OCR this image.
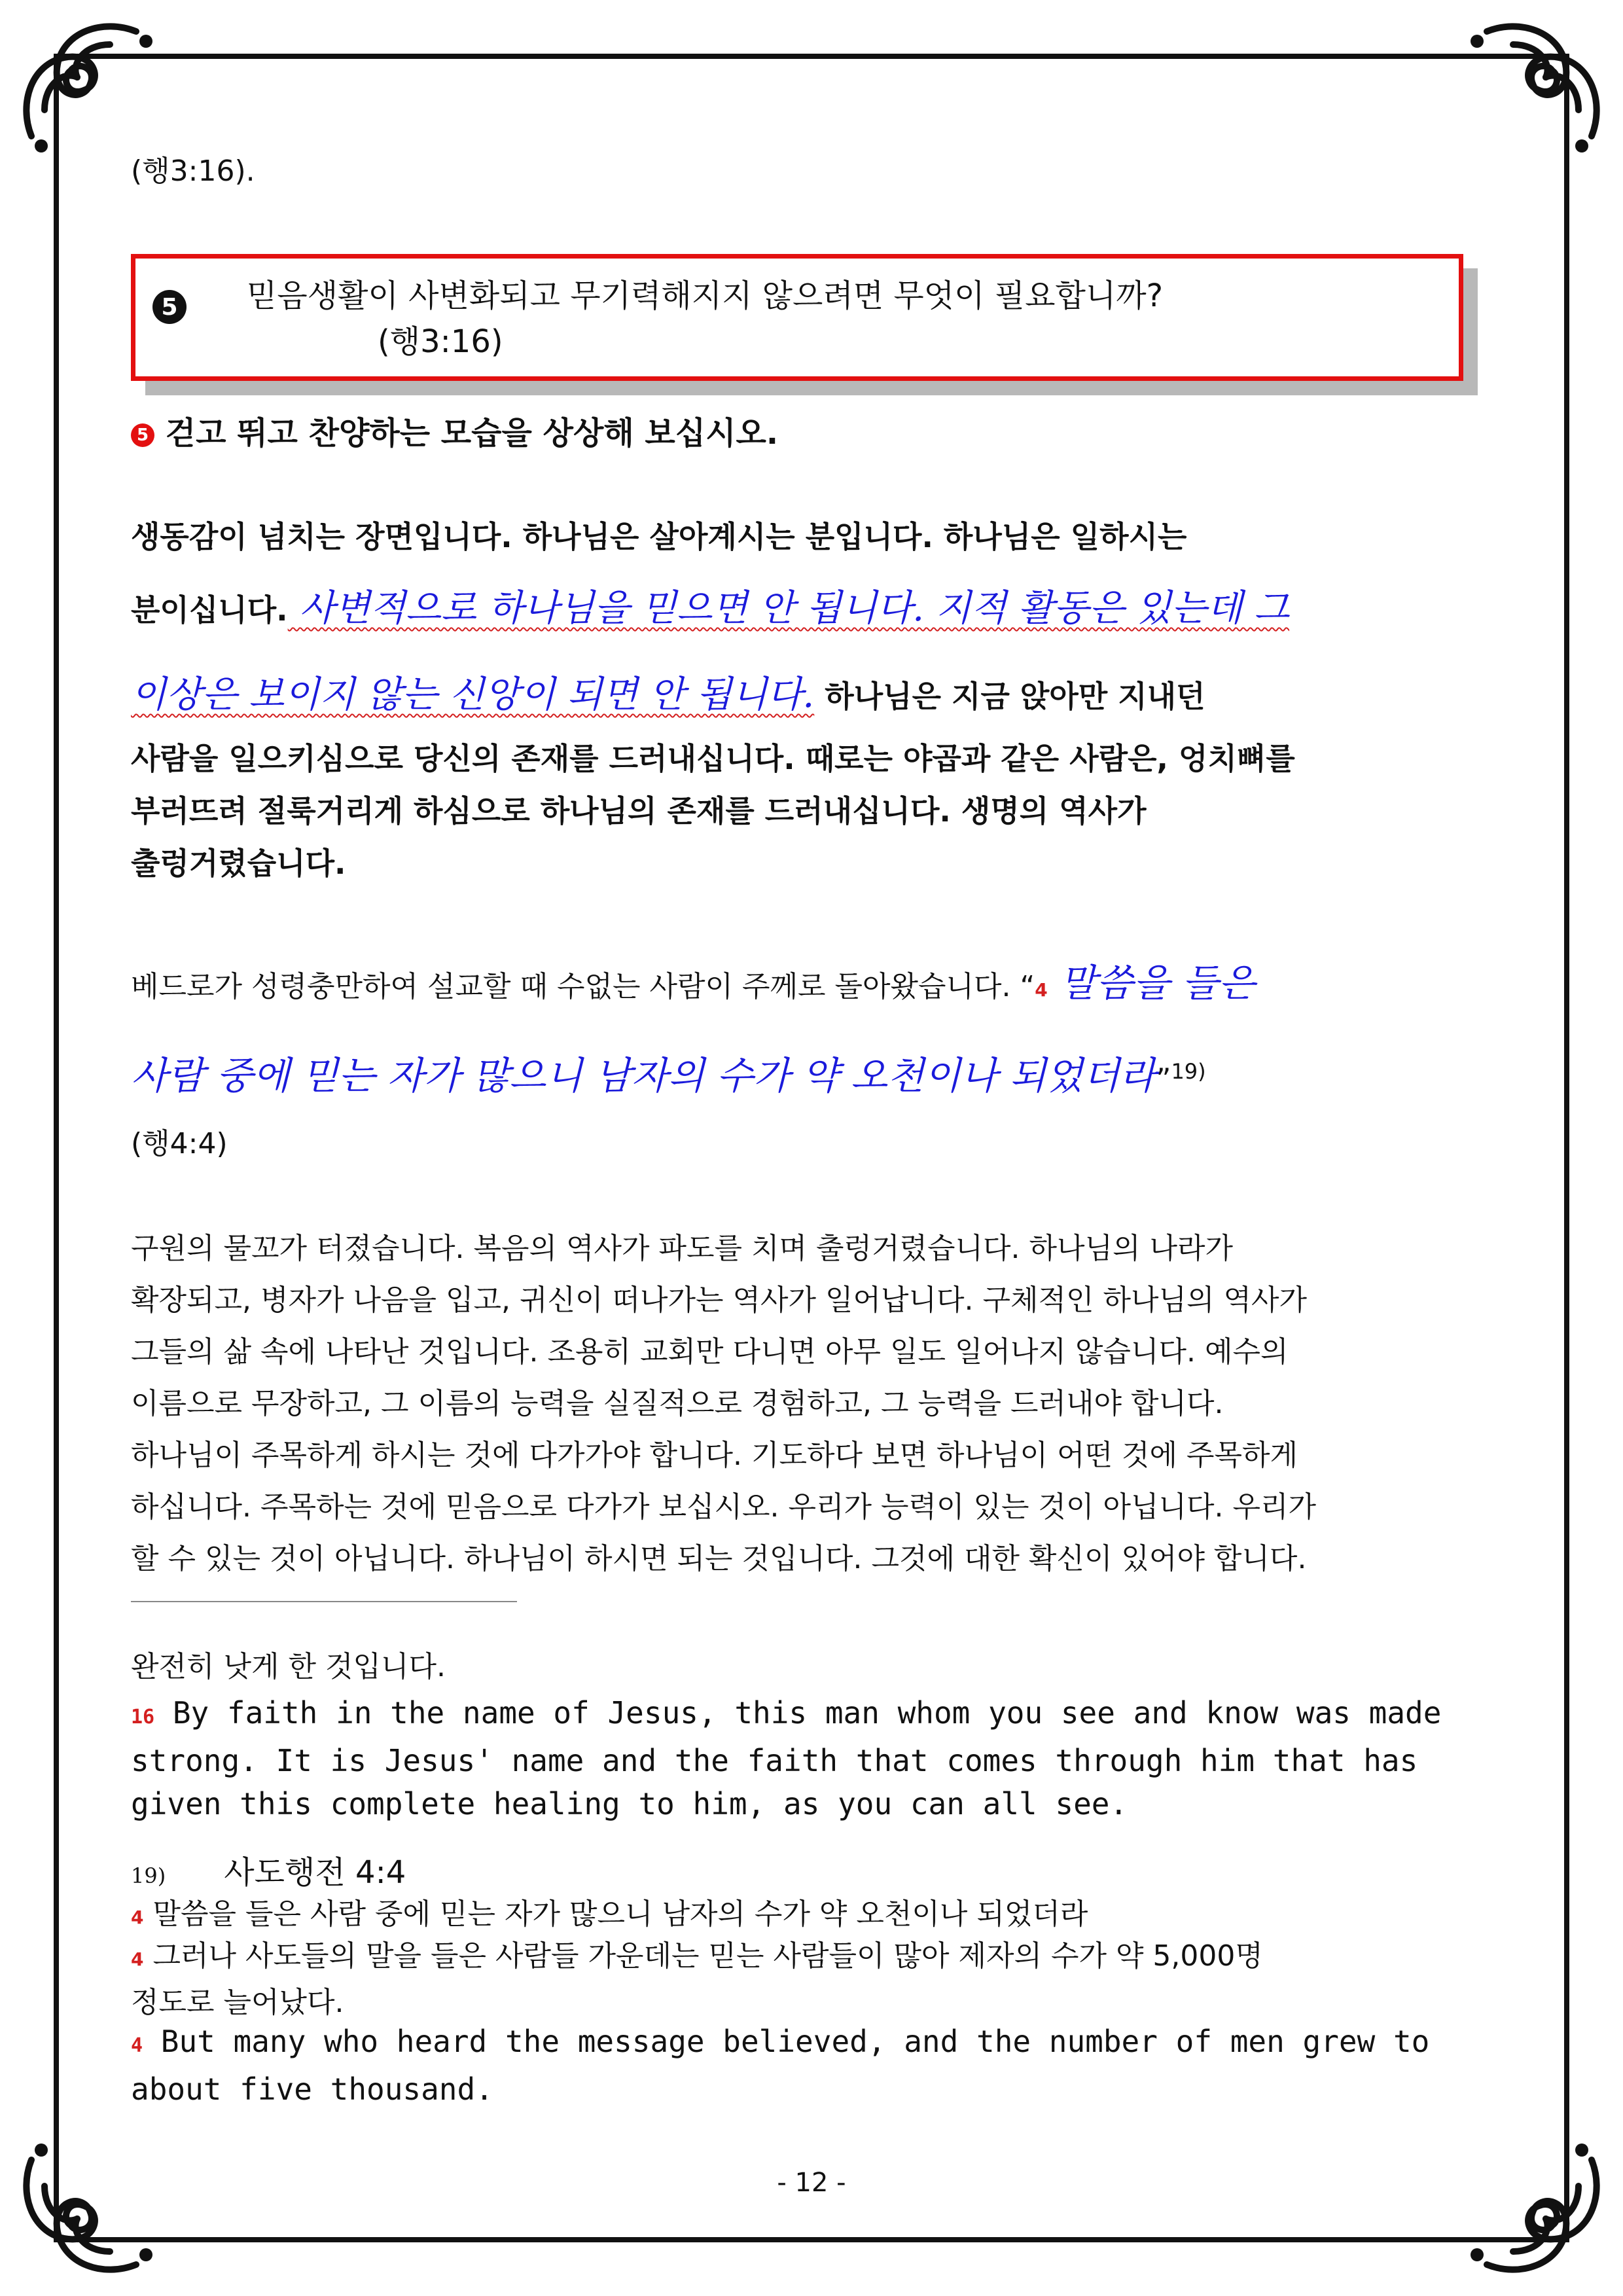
(행3:16).
5 믿음생활이 사변화되고 무기력해지지 않으려면 무엇이 필요합니까?
(행3:16)
5 걷고 뛰고 찬양하는 모습을 상상해 보십시오.
생동감이 넘치는 장면입니다. 하나님은 살아계시는 분입니다. 하나님은 일하시는
분이십니다. 사변적으로 하나님을 믿으면 안 됩니다. 지적 활동은 있는데 그
이상은 보이지 않는 신앙이 되면 안 됩니다. 하나님은 지금 앉아만 지내던
사람을 일으키심으로 당신의 존재를 드러내십니다. 때로는 야곱과 같은 사람은, 엉치뼈를
부러뜨려 절룩거리게 하심으로 하나님의 존재를 드러내십니다. 생명의 역사가
출렁거렸습니다.
베드로가 성령충만하여 설교할 때 수없는 사람이 주께로 돌아왔습니다. “4 말씀을 들은
사람 중에 믿는 자가 많으니 남자의 수가 약 오천이나 되었더라”$^{19)}$
(행4:4)
구원의 물꼬가 터졌습니다. 복음의 역사가 파도를 치며 출렁거렸습니다. 하나님의 나라가
확장되고, 병자가 나음을 입고, 귀신이 떠나가는 역사가 일어납니다. 구체적인 하나님의 역사가
그들의 삶 속에 나타난 것입니다. 조용히 교회만 다니면 아무 일도 일어나지 않습니다. 예수의
이름으로 무장하고, 그 이름의 능력을 실질적으로 경험하고, 그 능력을 드러내야 합니다.
하나님이 주목하게 하시는 것에 다가가야 합니다. 기도하다 보면 하나님이 어떤 것에 주목하게
하십니다. 주목하는 것에 믿음으로 다가가 보십시오. 우리가 능력이 있는 것이 아닙니다. 우리가
할 수 있는 것이 아닙니다. 하나님이 하시면 되는 것입니다. 그것에 대한 확신이 있어야 합니다.
완전히 낫게 한 것입니다.
16 By faith in the name of Jesus, this man whom you see and know was made
strong. It is Jesus' name and the faith that comes through him that has
given this complete healing to him, as you can all see.
19) 사도행전 4:4
4 말씀을 들은 사람 중에 믿는 자가 많으니 남자의 수가 약 오천이나 되었더라
4 그러나 사도들의 말을 들은 사람들 가운데는 믿는 사람들이 많아 제자의 수가 약 5,000명
정도로 늘어났다.
4 But many who heard the message believed, and the number of men grew to
about five thousand.
- 12 -
